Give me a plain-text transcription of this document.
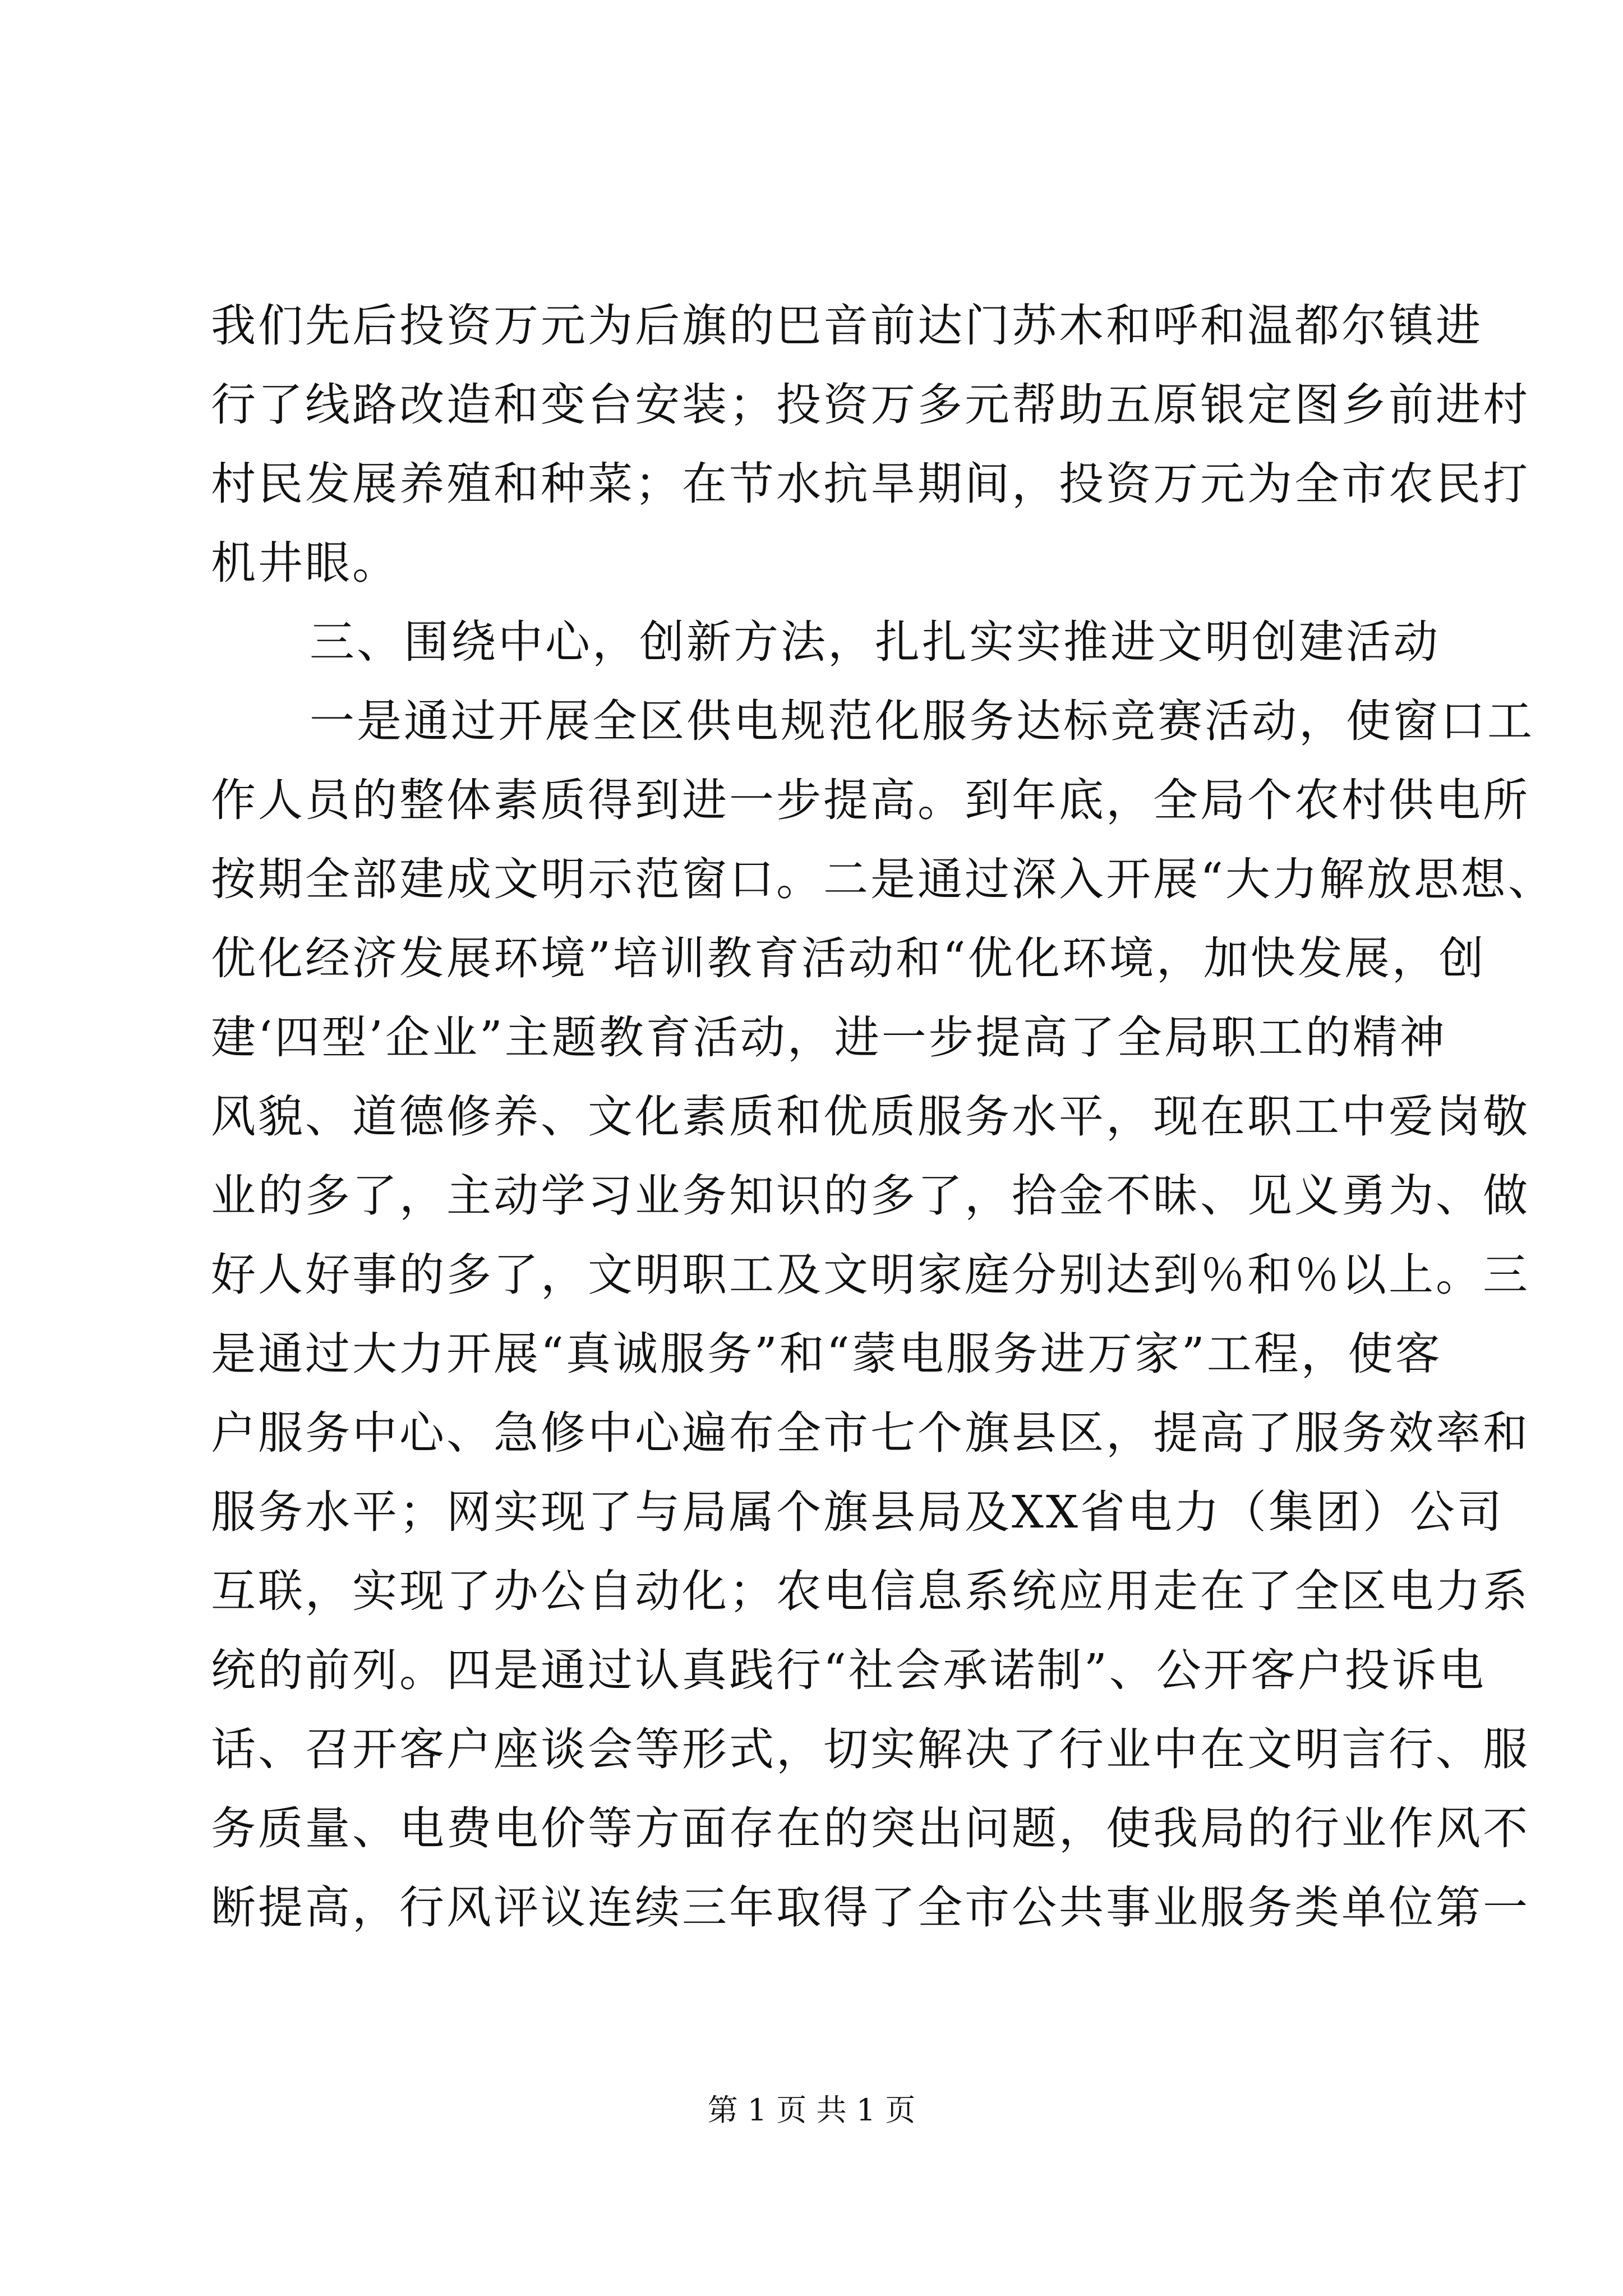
我们先后投资万元为后旗的巴音前达门苏木和呼和温都尔镇进
行了线路改造和变台安装；投资万多元帮助五原银定图乡前进村
村民发展养殖和种菜；在节水抗旱期间，投资万元为全市农民打
机井眼。
三、围绕中心，创新方法，扎扎实实推进文明创建活动
一是通过开展全区供电规范化服务达标竞赛活动，使窗口工
作人员的整体素质得到进一步提高。到年底，全局个农村供电所
按期全部建成文明示范窗口。二是通过深入开展“大力解放思想、
优化经济发展环境”培训教育活动和“优化环境，加快发展，创
建‘四型’企业”主题教育活动，进一步提高了全局职工的精神
风貌、道德修养、文化素质和优质服务水平，现在职工中爱岗敬
业的多了，主动学习业务知识的多了，拾金不昧、见义勇为、做
好人好事的多了，文明职工及文明家庭分别达到％和％以上。三
是通过大力开展“真诚服务”和“蒙电服务进万家”工程，使客
户服务中心、急修中心遍布全市七个旗县区，提高了服务效率和
服务水平；网实现了与局属个旗县局及XX省电力（集团）公司
互联，实现了办公自动化；农电信息系统应用走在了全区电力系
统的前列。四是通过认真践行“社会承诺制”、公开客户投诉电
话、召开客户座谈会等形式，切实解决了行业中在文明言行、服
务质量、电费电价等方面存在的突出问题，使我局的行业作风不
断提高，行风评议连续三年取得了全市公共事业服务类单位第一
第 1 页 共 1 页
